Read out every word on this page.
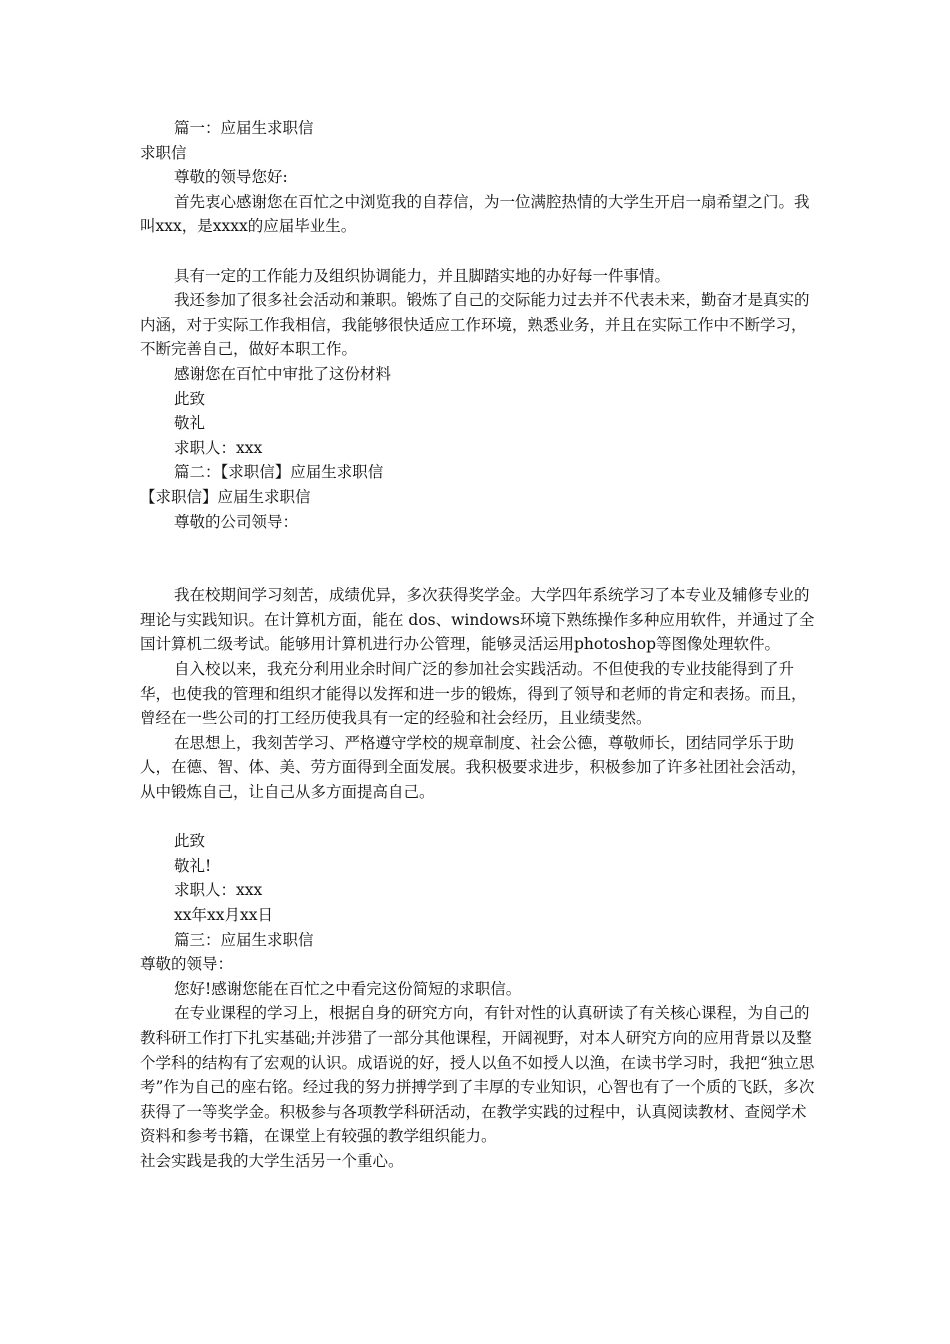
篇一：应届生求职信

求职信

尊敬的领导您好:

首先衷心感谢您在百忙之中浏览我的自荐信，为一位满腔热情的大学生开启一扇希望之门。我叫xxx，是xxxx的应届毕业生。

具有一定的工作能力及组织协调能力，并且脚踏实地的办好每一件事情。

我还参加了很多社会活动和兼职。锻炼了自己的交际能力过去并不代表未来，勤奋才是真实的内涵，对于实际工作我相信，我能够很快适应工作环境，熟悉业务，并且在实际工作中不断学习，不断完善自己，做好本职工作。

感谢您在百忙中审批了这份材料

此致

敬礼

求职人：xxx

篇二：【求职信】应届生求职信

【求职信】应届生求职信

尊敬的公司领导：

我在校期间学习刻苦，成绩优异，多次获得奖学金。大学四年系统学习了本专业及辅修专业的理论与实践知识。在计算机方面，能在 dos、windows环境下熟练操作多种应用软件，并通过了全国计算机二级考试。能够用计算机进行办公管理，能够灵活运用photoshop等图像处理软件。

自入校以来，我充分利用业余时间广泛的参加社会实践活动。不但使我的专业技能得到了升华，也使我的管理和组织才能得以发挥和进一步的锻炼，得到了领导和老师的肯定和表扬。而且，曾经在一些公司的打工经历使我具有一定的经验和社会经历，且业绩斐然。

在思想上，我刻苦学习、严格遵守学校的规章制度、社会公德，尊敬师长，团结同学乐于助人，在德、智、体、美、劳方面得到全面发展。我积极要求进步，积极参加了许多社团社会活动，从中锻炼自己，让自己从多方面提高自己。

此致

敬礼!

求职人：xxx

xx年xx月xx日

篇三：应届生求职信

尊敬的领导：

您好!感谢您能在百忙之中看完这份简短的求职信。

在专业课程的学习上，根据自身的研究方向，有针对性的认真研读了有关核心课程，为自己的教科研工作打下扎实基础;并涉猎了一部分其他课程，开阔视野，对本人研究方向的应用背景以及整个学科的结构有了宏观的认识。成语说的好，授人以鱼不如授人以渔，在读书学习时，我把“独立思考”作为自己的座右铭。经过我的努力拼搏学到了丰厚的专业知识，心智也有了一个质的飞跃，多次获得了一等奖学金。积极参与各项教学科研活动，在教学实践的过程中，认真阅读教材、查阅学术资料和参考书籍，在课堂上有较强的教学组织能力。

社会实践是我的大学生活另一个重心。
